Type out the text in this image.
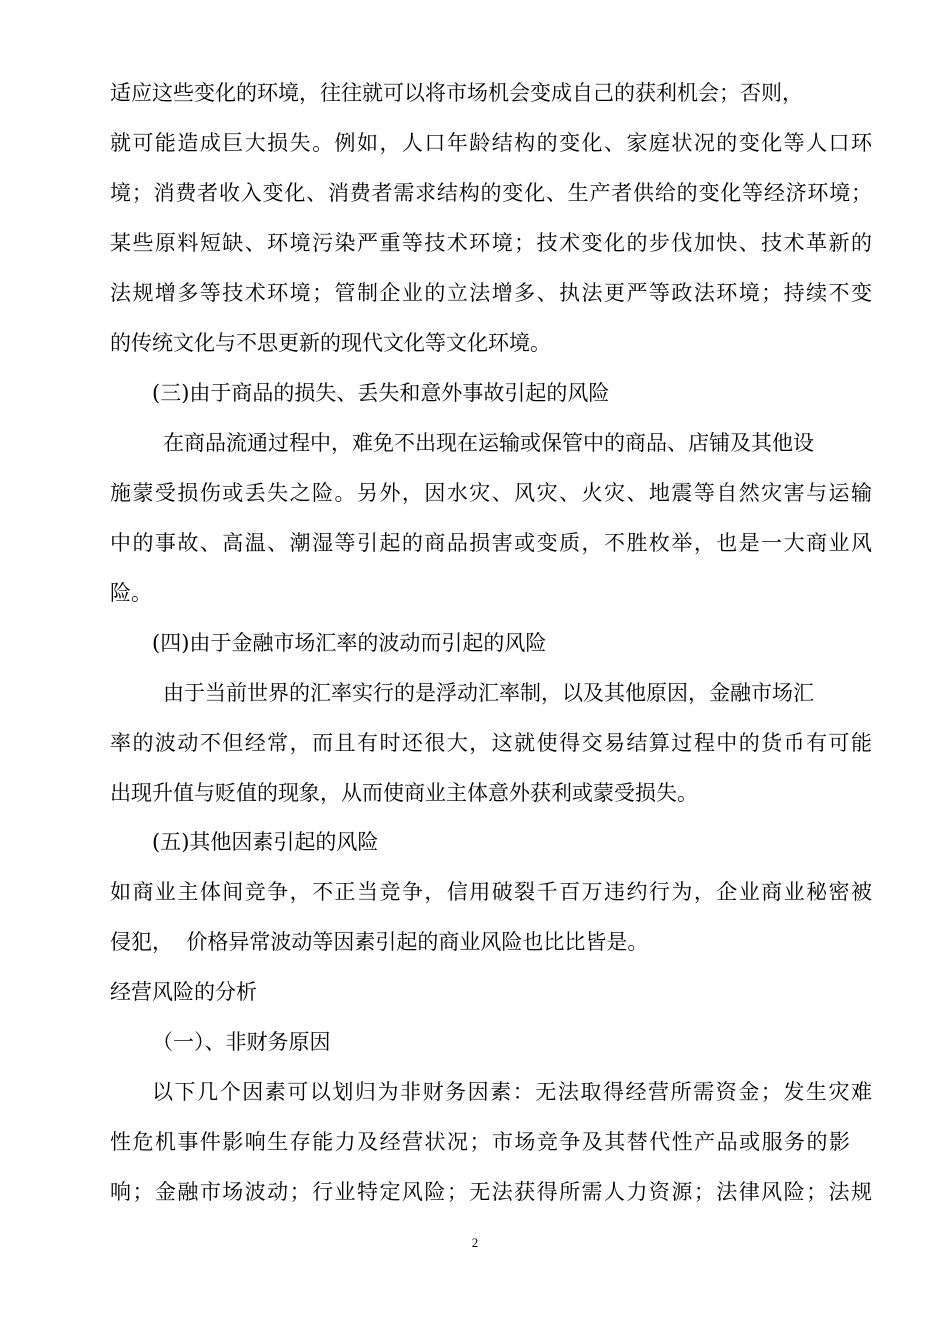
适应这些变化的环境，往往就可以将市场机会变成自己的获利机会；否则，
就可能造成巨大损失。例如，人口年龄结构的变化、家庭状况的变化等人口环
境；消费者收入变化、消费者需求结构的变化、生产者供给的变化等经济环境；
某些原料短缺、环境污染严重等技术环境；技术变化的步伐加快、技术革新的
法规增多等技术环境；管制企业的立法增多、执法更严等政法环境；持续不变
的传统文化与不思更新的现代文化等文化环境。
(三)由于商品的损失、丢失和意外事故引起的风险
在商品流通过程中，难免不出现在运输或保管中的商品、店铺及其他设
施蒙受损伤或丢失之险。另外，因水灾、风灾、火灾、地震等自然灾害与运输
中的事故、高温、潮湿等引起的商品损害或变质，不胜枚举，也是一大商业风
险。
(四)由于金融市场汇率的波动而引起的风险
由于当前世界的汇率实行的是浮动汇率制，以及其他原因，金融市场汇
率的波动不但经常，而且有时还很大，这就使得交易结算过程中的货币有可能
出现升值与贬值的现象，从而使商业主体意外获利或蒙受损失。
(五)其他因素引起的风险
如商业主体间竞争，不正当竞争，信用破裂千百万违约行为，企业商业秘密被
侵犯，  价格异常波动等因素引起的商业风险也比比皆是。
经营风险的分析
（一）、非财务原因
以下几个因素可以划归为非财务因素：无法取得经营所需资金；发生灾难
性危机事件影响生存能力及经营状况；市场竞争及其替代性产品或服务的影
响；金融市场波动；行业特定风险；无法获得所需人力资源；法律风险；法规
2
